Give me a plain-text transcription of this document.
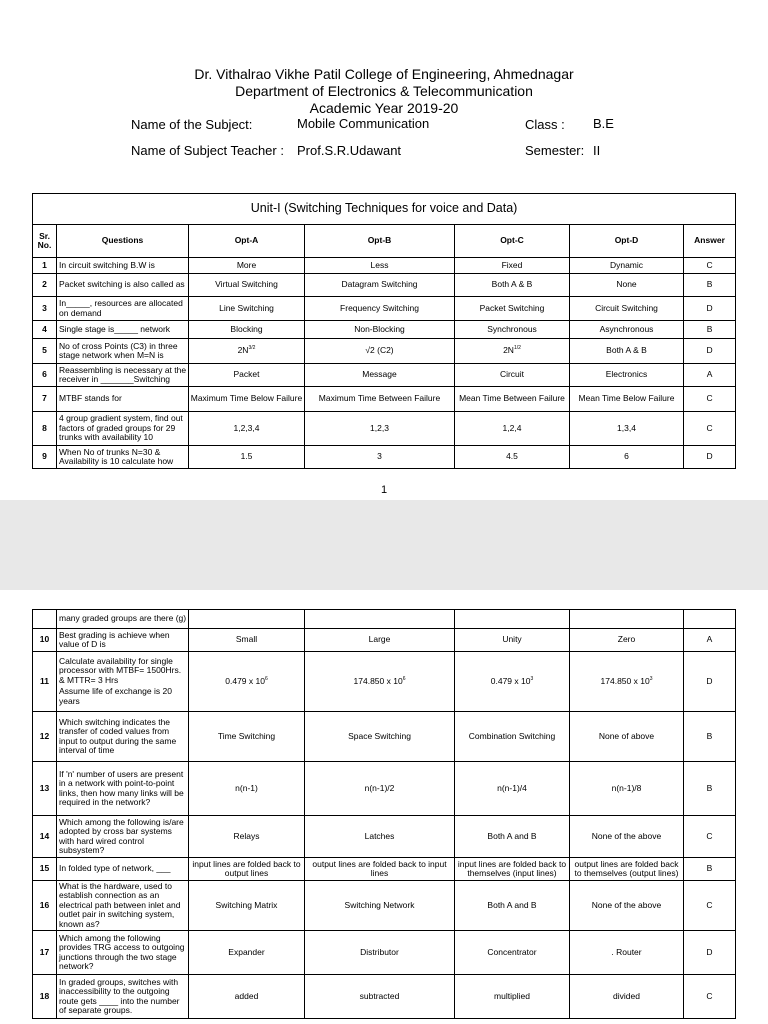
Dr. Vithalrao Vikhe Patil College of Engineering, Ahmednagar
Department of Electronics & Telecommunication
Academic Year 2019-20
Name of the Subject:	Mobile Communication	Class : B.E
Name of Subject Teacher : Prof.S.R.Udawant	Semester: II
Unit-I (Switching Techniques for voice and Data)						
Sr. No.	Questions	Opt-A	Opt-B	Opt-C	Opt-D	Answer
1	In circuit switching B.W is	More	Less	Fixed	Dynamic	C
2	Packet switching is also called as	Virtual Switching	Datagram Switching	Both A & B	None	B
3	In_____, resources are allocated on demand	Line Switching	Frequency Switching	Packet Switching	Circuit Switching	D
4	Single stage is_____ network	Blocking	Non-Blocking	Synchronous	Asynchronous	B
5	No of cross Points (C3) in three stage network when M=N is	$2N^{3/2}$	√2 (C2)	$2N^{1/2}$	Both A & B	D
6	Reassembling is necessary at the receiver in _______Switching	Packet	Message	Circuit	Electronics	A
7	MTBF stands for	Maximum Time Below Failure	Maximum Time Between Failure	Mean Time Between Failure	Mean Time Below Failure	C
8	4 group gradient system, find out factors of graded groups for 29 trunks with availability 10	1,2,3,4	1,2,3	1,2,4	1,3,4	C
9	When No of trunks N=30 & Availability is 10 calculate how	1.5	3	4.5	6	D
1
	many graded groups are there (g)					
10	Best grading is achieve when value of D is	Small	Large	Unity	Zero	A
11	Calculate availability for single processor with MTBF= 1500Hrs. & MTTR= 3 Hrs
Assume life of exchange is 20 years	0.479 x $10^6$	174.850 x $10^6$	0.479 x $10^3$	174.850 x $10^3$	D
12	Which switching indicates the transfer of coded values from input to output during the same interval of time	Time Switching	Space Switching	Combination Switching	None of above	B
13	If 'n' number of users are present in a network with point-to-point links, then how many links will be required in the network?	n(n-1)	n(n-1)/2	n(n-1)/4	n(n-1)/8	B
14	Which among the following is/are adopted by cross bar systems with hard wired control subsystem?	Relays	Latches	Both A and B	None of the above	C
15	In folded type of network, ___	input lines are folded back to output lines	output lines are folded back to input lines	input lines are folded back to themselves (input lines)	output lines are folded back to themselves (output lines)	B
16	What is the hardware, used to establish connection as an electrical path between inlet and outlet pair in switching system, known as?	Switching Matrix	Switching Network	Both A and B	None of the above	C
17	Which among the following provides TRG access to outgoing junctions through the two stage network?	Expander	Distributor	Concentrator	. Router	D
18	In graded groups, switches with inaccessibility to the outgoing route gets ____ into the number of separate groups.	added	subtracted	multiplied	divided	C
